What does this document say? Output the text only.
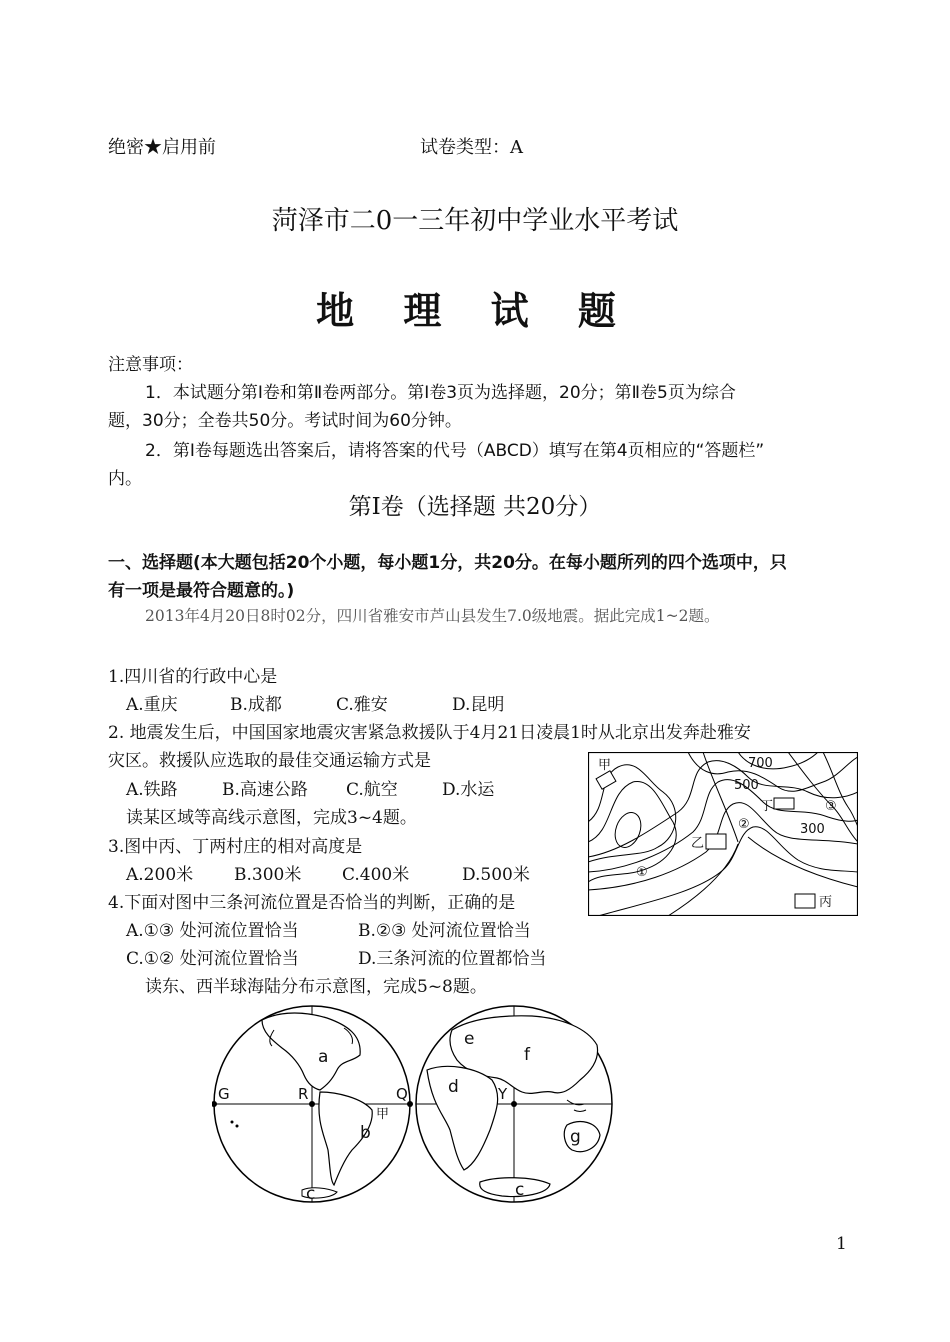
绝密★启用前	试卷类型：A
菏泽市二0一三年初中学业水平考试
地 理 试 题
注意事项：
1．本试题分第Ⅰ卷和第Ⅱ卷两部分。第Ⅰ卷3页为选择题，20分；第Ⅱ卷5页为综合
题，30分；全卷共50分。考试时间为60分钟。
2．第Ⅰ卷每题选出答案后，请将答案的代号（ABCD）填写在第4页相应的“答题栏”
内。
第Ⅰ卷（选择题 共20分）
一、选择题(本大题包括20个小题，每小题1分，共20分。在每小题所列的四个选项中，只
有一项是最符合题意的。)
2013年4月20日8时02分，四川省雅安市芦山县发生7.0级地震。据此完成1~2题。
1.四川省的行政中心是
A.重庆	B.成都	C.雅安	D.昆明
2. 地震发生后，中国国家地震灾害紧急救援队于4月21日凌晨1时从北京出发奔赴雅安
灾区。救援队应选取的最佳交通运输方式是
A.铁路	B.高速公路 C.航空	D.水运
读某区域等高线示意图，完成3~4题。
3.图中丙、丁两村庄的相对高度是
A.200米 B.300米 C.400米	D.500米
4.下面对图中三条河流位置是否恰当的判断，正确的是
A.①③ 处河流位置恰当	B.②③ 处河流位置恰当
C.①② 处河流位置恰当	D.三条河流的位置都恰当
读东、西半球海陆分布示意图，完成5~8题。
甲
乙
丁
丙
①
②
③
700
500
300
a
b
c
d
e
f
g
c
甲
G	R	Q	Y
1
